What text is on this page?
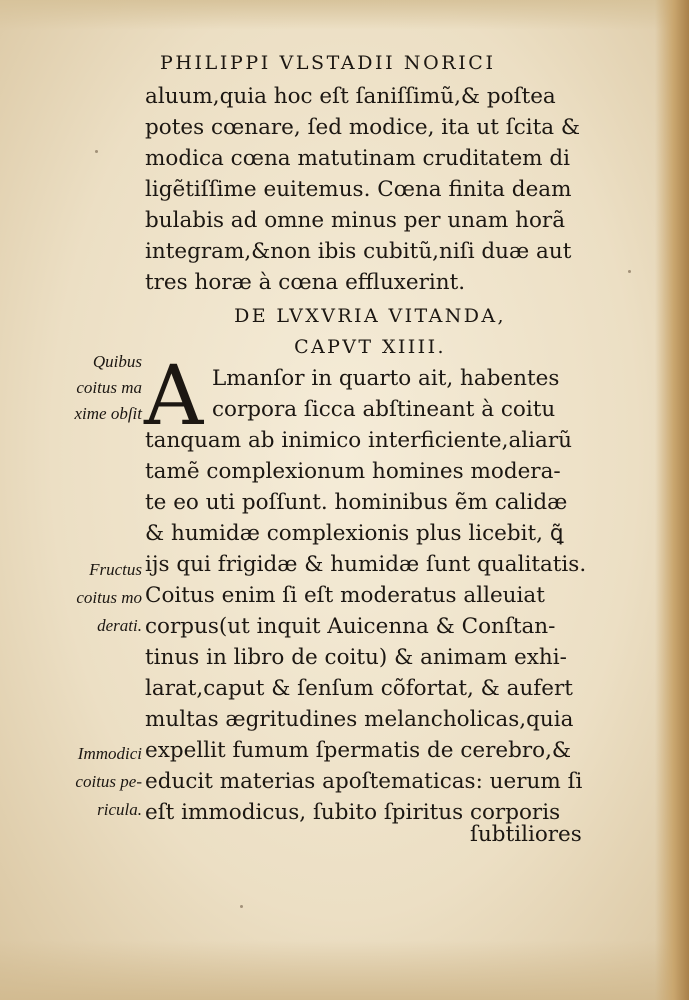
PHILIPPI VLSTADII NORICI
aluum,quia hoc eſt ſaniſſimũ,& poſtea
potes cœnare, ſed modice, ita ut ſcita &
modica cœna matutinam cruditatem di
ligẽtiſſime euitemus. Cœna finita deam
bulabis ad omne minus per unam horã
integram,&non ibis cubitũ,niſi duæ aut
tres horæ à cœna effluxerint.
DE LVXVRIA VITANDA,
CAPVT XIIII.
A Lmanſor in quarto ait, habentes
corpora ſicca abſtineant à coitu
tanquam ab inimico interficiente,aliarũ
tamẽ complexionum homines modera-
te eo uti poſſunt. hominibus ẽm calidæ
& humidæ complexionis plus licebit, ꝗ̃
ijs qui frigidæ & humidæ ſunt qualitatis.
Coitus enim ſi eſt moderatus alleuiat
corpus(ut inquit Auicenna & Conſtan-
tinus in libro de coitu) & animam exhi-
larat,caput & ſenſum cõfortat, & aufert
multas ægritudines melancholicas,quia
expellit fumum ſpermatis de cerebro,&
educit materias apoſtematicas: uerum ſi
eſt immodicus, ſubito ſpiritus corporis
ſubtiliores
Quibus
coitus ma
xime obſit
Fructus
coitus mo
derati.
Immodici
coitus pe-
ricula.
